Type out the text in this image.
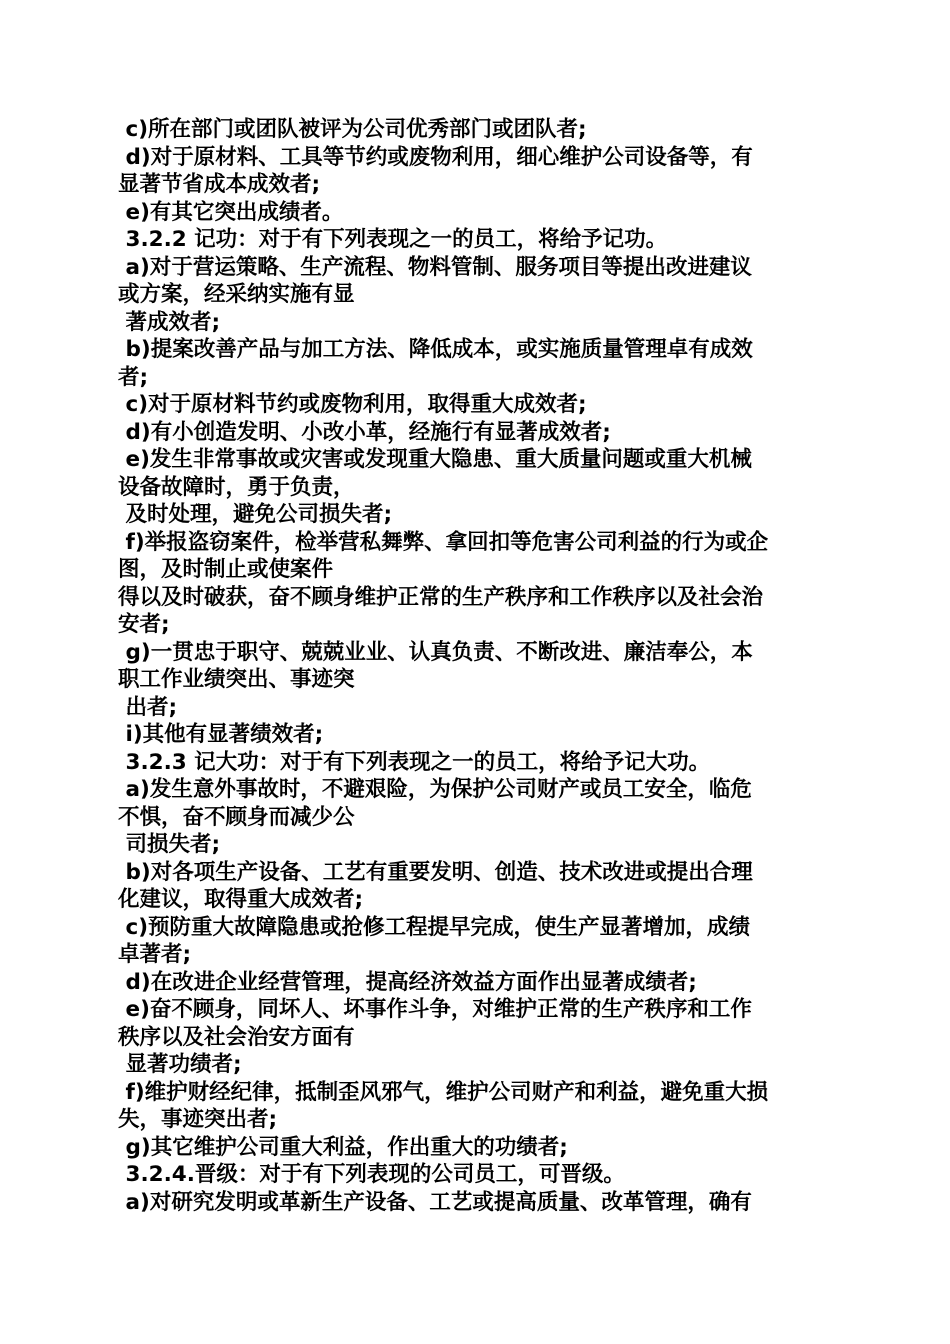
c)所在部门或团队被评为公司优秀部门或团队者;
d)对于原材料、工具等节约或废物利用，细心维护公司设备等，有
显著节省成本成效者;
e)有其它突出成绩者。
3.2.2 记功：对于有下列表现之一的员工，将给予记功。
a)对于营运策略、生产流程、物料管制、服务项目等提出改进建议
或方案，经采纳实施有显
著成效者;
b)提案改善产品与加工方法、降低成本，或实施质量管理卓有成效
者;
c)对于原材料节约或废物利用，取得重大成效者;
d)有小创造发明、小改小革，经施行有显著成效者;
e)发生非常事故或灾害或发现重大隐患、重大质量问题或重大机械
设备故障时，勇于负责，
及时处理，避免公司损失者;
f)举报盗窃案件，检举营私舞弊、拿回扣等危害公司利益的行为或企
图，及时制止或使案件
得以及时破获，奋不顾身维护正常的生产秩序和工作秩序以及社会治
安者;
g)一贯忠于职守、兢兢业业、认真负责、不断改进、廉洁奉公，本
职工作业绩突出、事迹突
出者;
i)其他有显著绩效者;
3.2.3 记大功：对于有下列表现之一的员工，将给予记大功。
a)发生意外事故时，不避艰险，为保护公司财产或员工安全，临危
不惧，奋不顾身而减少公
司损失者;
b)对各项生产设备、工艺有重要发明、创造、技术改进或提出合理
化建议，取得重大成效者;
c)预防重大故障隐患或抢修工程提早完成，使生产显著增加，成绩
卓著者;
d)在改进企业经营管理，提高经济效益方面作出显著成绩者;
e)奋不顾身，同坏人、坏事作斗争，对维护正常的生产秩序和工作
秩序以及社会治安方面有
显著功绩者;
f)维护财经纪律，抵制歪风邪气，维护公司财产和利益，避免重大损
失，事迹突出者;
g)其它维护公司重大利益，作出重大的功绩者;
3.2.4.晋级：对于有下列表现的公司员工，可晋级。
a)对研究发明或革新生产设备、工艺或提高质量、改革管理，确有
